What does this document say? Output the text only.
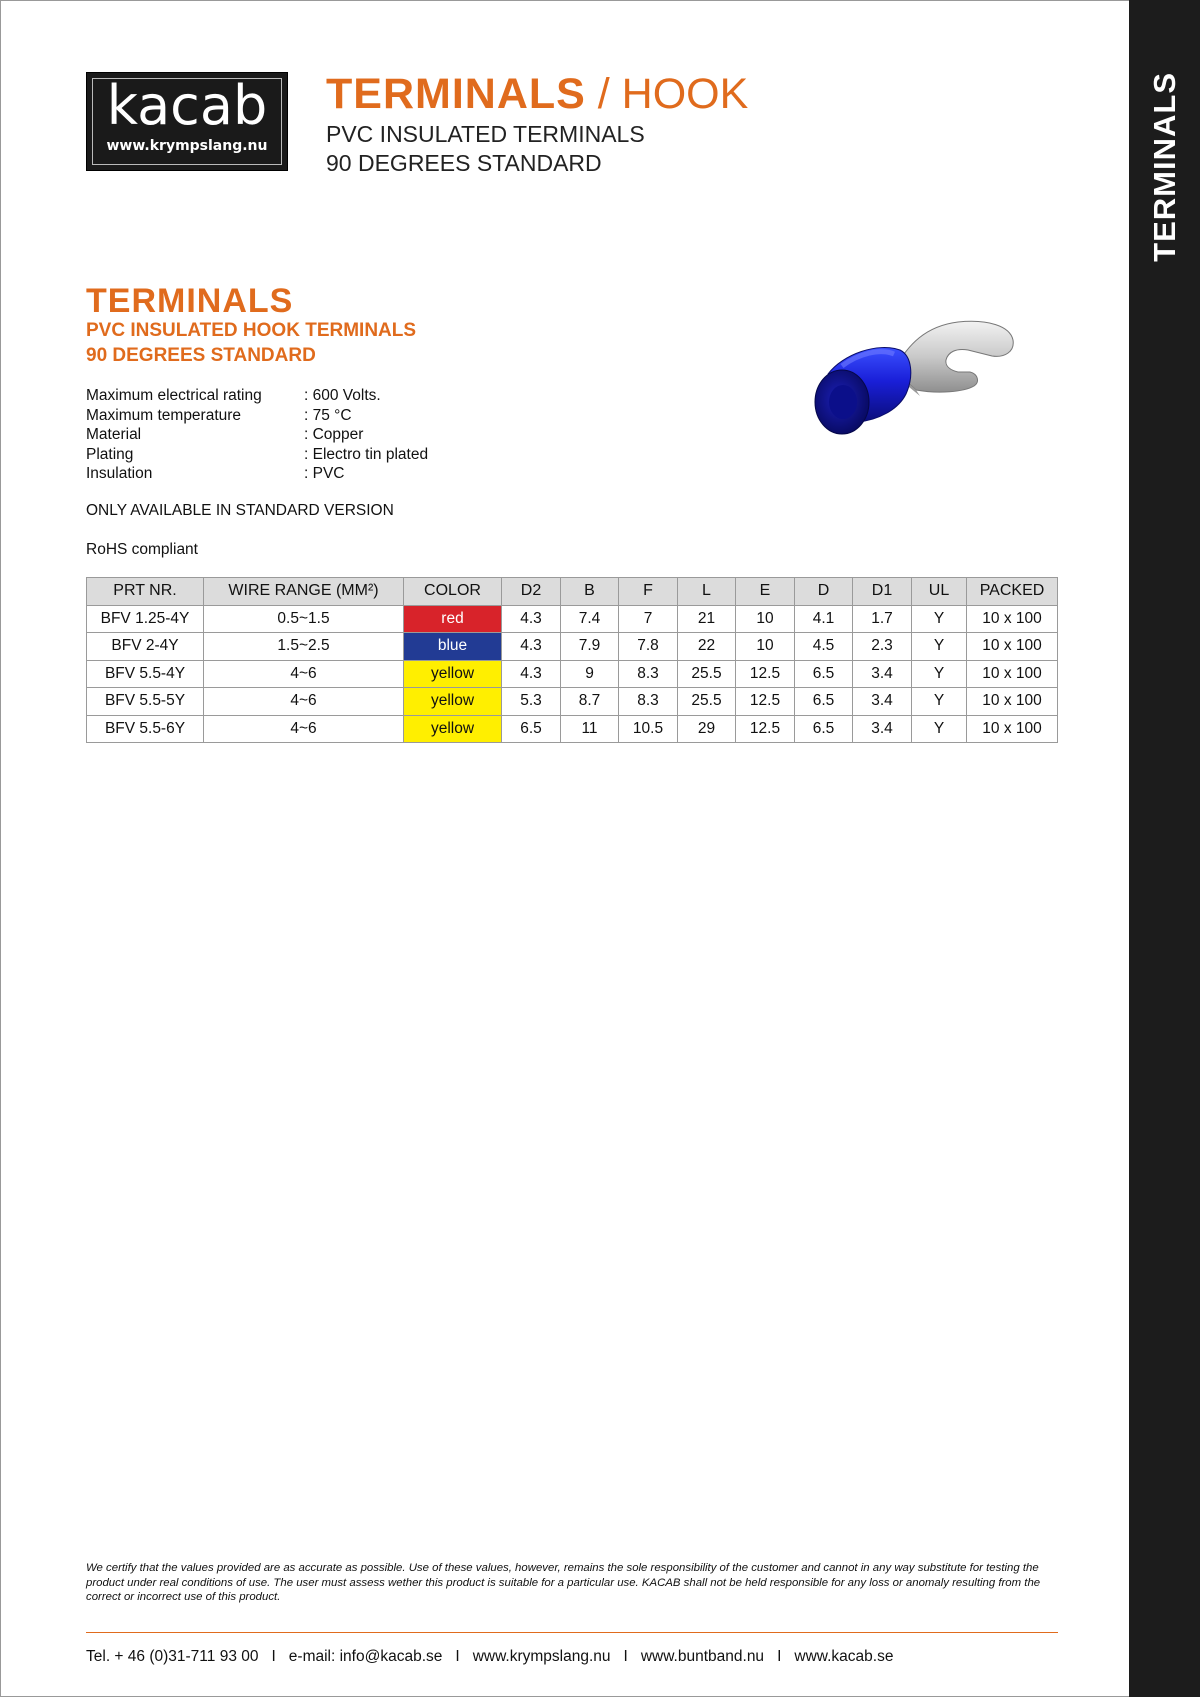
TERMINALS
kacab
www.krympslang.nu
TERMINALS / HOOK
PVC INSULATED TERMINALS
90 DEGREES STANDARD
TERMINALS
PVC INSULATED HOOK TERMINALS
90 DEGREES STANDARD
Maximum electrical rating	: 600 Volts.
Maximum temperature	: 75 °C
Material	: Copper
Plating	: Electro tin plated
Insulation	: PVC
ONLY AVAILABLE IN STANDARD VERSION
RoHS compliant
PRT NR.	WIRE RANGE (MM²)	COLOR	D2	B	F	L	E	D	D1	UL	PACKED
BFV 1.25-4Y	0.5~1.5	red	4.3	7.4	7	21	10	4.1	1.7	Y	10 x 100
BFV 2-4Y	1.5~2.5	blue	4.3	7.9	7.8	22	10	4.5	2.3	Y	10 x 100
BFV 5.5-4Y	4~6	yellow	4.3	9	8.3	25.5	12.5	6.5	3.4	Y	10 x 100
BFV 5.5-5Y	4~6	yellow	5.3	8.7	8.3	25.5	12.5	6.5	3.4	Y	10 x 100
BFV 5.5-6Y	4~6	yellow	6.5	11	10.5	29	12.5	6.5	3.4	Y	10 x 100
We certify that the values provided are as accurate as possible. Use of these values, however, remains the sole responsibility of the customer and cannot in any way substitute for testing the product under real conditions of use. The user must assess wether this product is suitable for a particular use. KACAB shall not be held responsible for any loss or anomaly resulting from the correct or incorrect use of this product.
Tel. + 46 (0)31-711 93 00 I e-mail: info@kacab.se I www.krympslang.nu I www.buntband.nu I www.kacab.se
